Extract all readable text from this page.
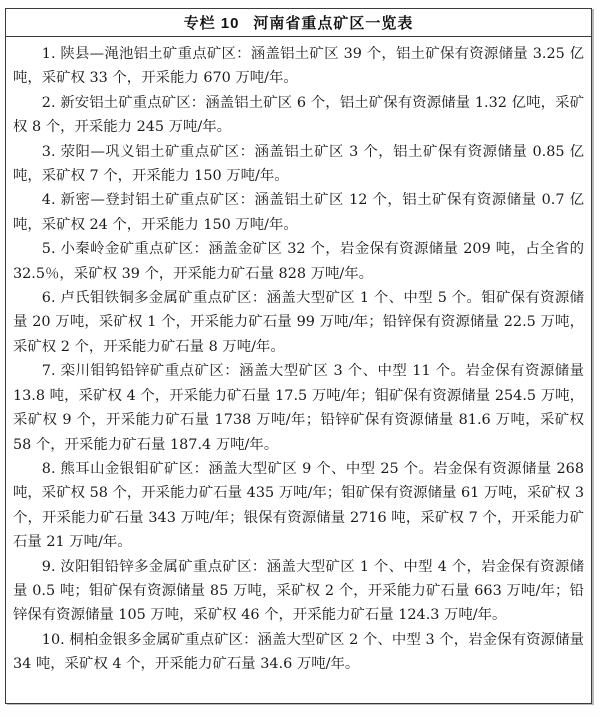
专栏 10 河南省重点矿区一览表

1. 陕县—渑池铝土矿重点矿区：涵盖铝土矿区 39 个，铝土矿保有资源储量 3.25 亿吨，采矿权 33 个，开采能力 670 万吨/年。

2. 新安铝土矿重点矿区：涵盖铝土矿区 6 个，铝土矿保有资源储量 1.32 亿吨，采矿权 8 个，开采能力 245 万吨/年。

3. 荥阳—巩义铝土矿重点矿区：涵盖铝土矿区 3 个，铝土矿保有资源储量 0.85 亿吨，采矿权 7 个，开采能力 150 万吨/年。

4. 新密—登封铝土矿重点矿区：涵盖铝土矿区 12 个，铝土矿保有资源储量 0.7 亿吨，采矿权 24 个，开采能力 150 万吨/年。

5. 小秦岭金矿重点矿区：涵盖金矿区 32 个，岩金保有资源储量 209 吨，占全省的 32.5％，采矿权 39 个，开采能力矿石量 828 万吨/年。

6. 卢氏钼铁铜多金属矿重点矿区：涵盖大型矿区 1 个、中型 5 个。钼矿保有资源储量 20 万吨，采矿权 1 个，开采能力矿石量 99 万吨/年；铅锌保有资源储量 22.5 万吨，采矿权 2 个，开采能力矿石量 8 万吨/年。

7. 栾川钼钨铅锌矿重点矿区：涵盖大型矿区 3 个、中型 11 个。岩金保有资源储量 13.8 吨，采矿权 4 个，开采能力矿石量 17.5 万吨/年；钼矿保有资源储量 254.5 万吨，采矿权 9 个，开采能力矿石量 1738 万吨/年；铅锌矿保有资源储量 81.6 万吨，采矿权 58 个，开采能力矿石量 187.4 万吨/年。

8. 熊耳山金银钼矿矿区：涵盖大型矿区 9 个、中型 25 个。岩金保有资源储量 268 吨，采矿权 58 个，开采能力矿石量 435 万吨/年；钼矿保有资源储量 61 万吨，采矿权 3 个，开采能力矿石量 343 万吨/年；银保有资源储量 2716 吨，采矿权 7 个，开采能力矿石量 21 万吨/年。

9. 汝阳钼铅锌多金属矿重点矿区：涵盖大型矿区 1 个、中型 4 个，岩金保有资源储量 0.5 吨；钼矿保有资源储量 85 万吨，采矿权 2 个，开采能力矿石量 663 万吨/年；铅锌保有资源储量 105 万吨，采矿权 46 个，开采能力矿石量 124.3 万吨/年。

10. 桐柏金银多金属矿重点矿区：涵盖大型矿区 2 个、中型 3 个，岩金保有资源储量 34 吨，采矿权 4 个，开采能力矿石量 34.6 万吨/年。
